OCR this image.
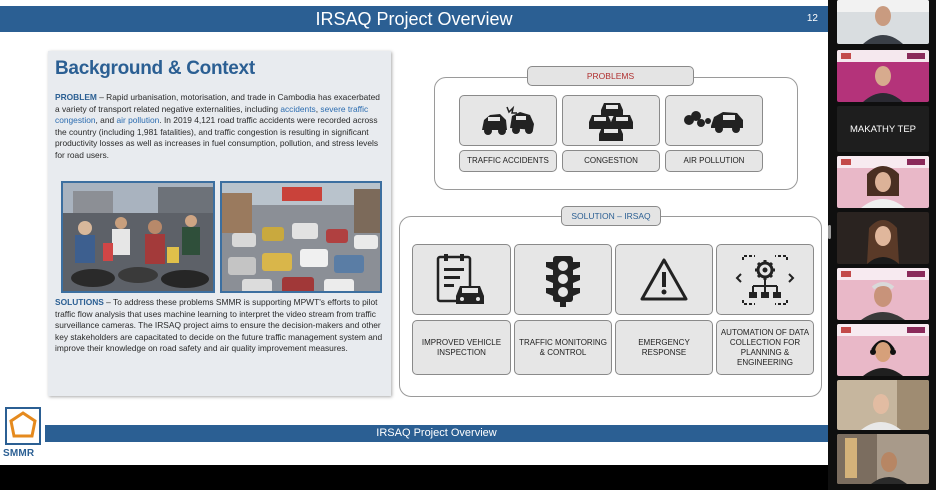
IRSAQ Project Overview	12
Background & Context
PROBLEM – Rapid urbanisation, motorisation, and trade in Cambodia has exacerbated a variety of transport related negative externalities, including accidents, severe traffic congestion, and air pollution. In 2019 4,121 road traffic accidents were recorded across the country (including 1,981 fatalities), and traffic congestion is resulting in significant productivity losses as well as increases in fuel consumption, pollution, and stress levels for road users.
SOLUTIONS – To address these problems SMMR is supporting MPWT's efforts to pilot traffic flow analysis that uses machine learning to interpret the video stream from traffic surveillance cameras. The IRSAQ project aims to ensure the decision-makers and other key stakeholders are capacitated to decide on the future traffic management system and improve their knowledge on road safety and air quality improvement measures.
PROBLEMS
TRAFFIC ACCIDENTS	CONGESTION	AIR POLLUTION
SOLUTION – IRSAQ
IMPROVED VEHICLE INSPECTION
TRAFFIC MONITORING & CONTROL
EMERGENCY RESPONSE
AUTOMATION OF DATA COLLECTION FOR PLANNING & ENGINEERING
IRSAQ Project Overview
SMMR
MAKATHY TEP
